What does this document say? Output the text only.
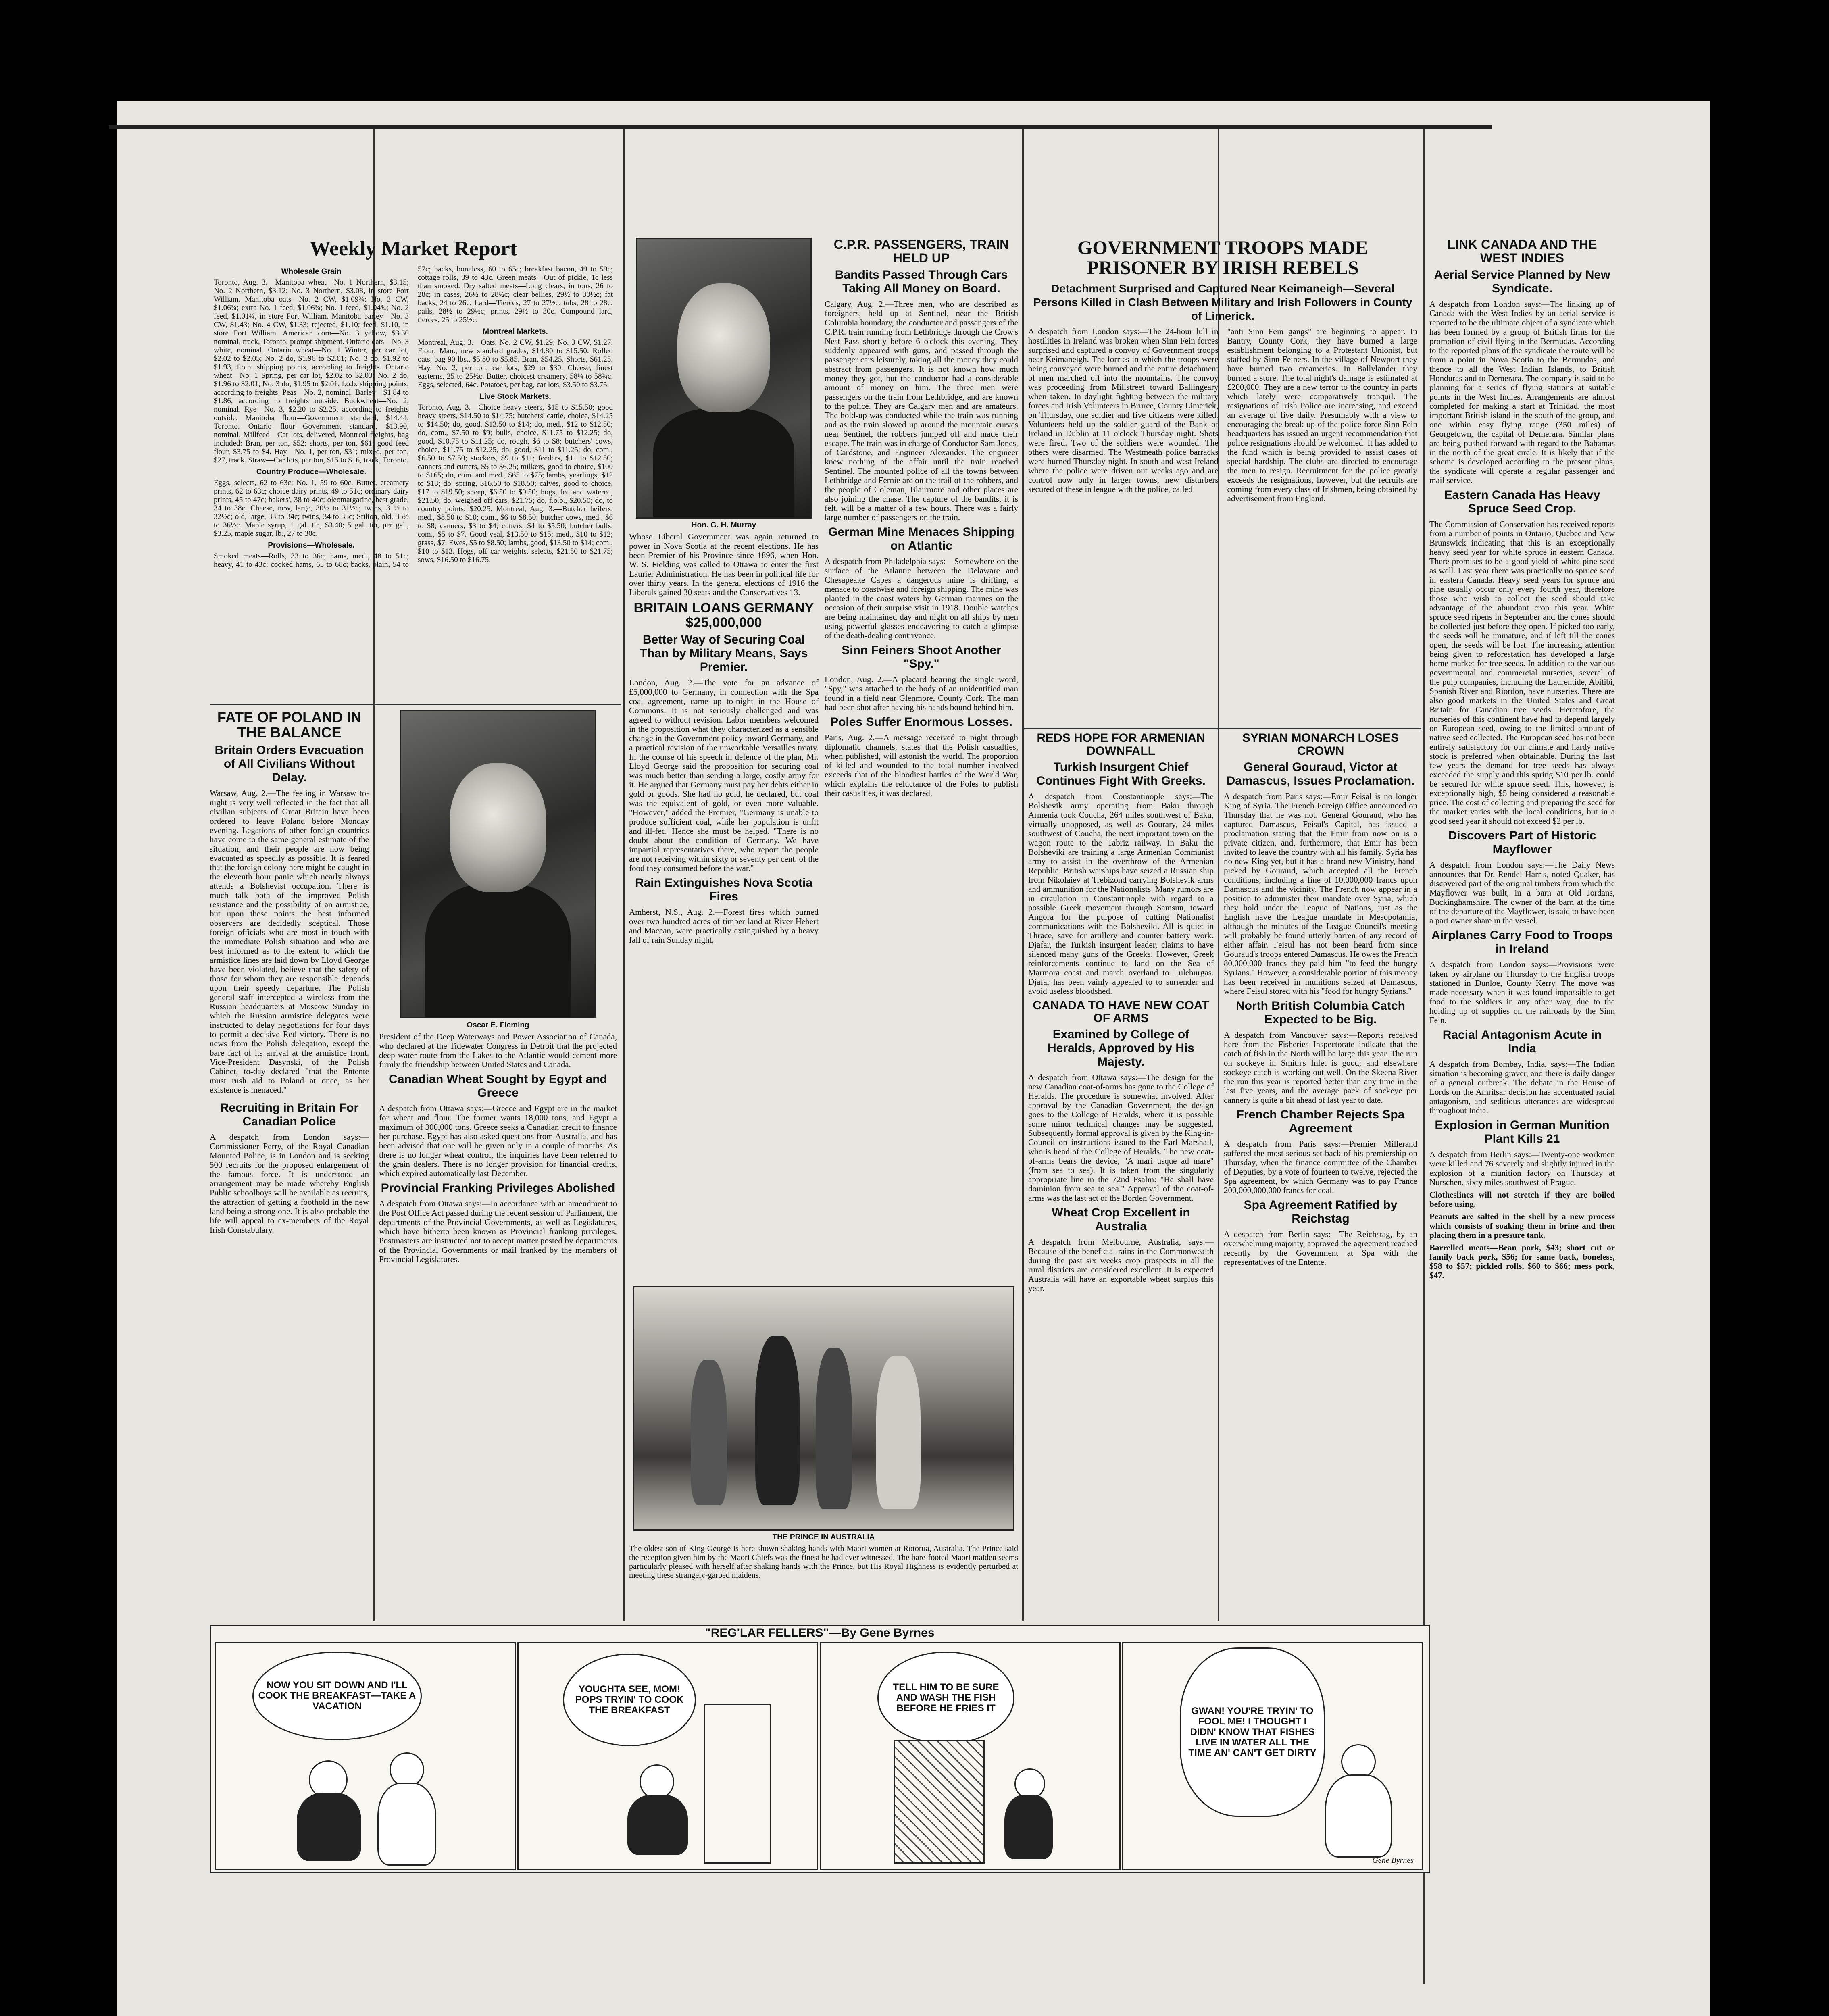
Weekly Market Report
Wholesale Grain

Toronto, Aug. 3.—Manitoba wheat—No. 1 Northern, $3.15; No. 2 Northern, $3.12; No. 3 Northern, $3.08, in store Fort William. Manitoba oats—No. 2 CW, $1.09¾; No. 3 CW, $1.06¾; extra No. 1 feed, $1.06¾; No. 1 feed, $1.04¾; No. 2 feed, $1.01¾, in store Fort William. Manitoba barley—No. 3 CW, $1.43; No. 4 CW, $1.33; rejected, $1.10; feed, $1.10, in store Fort William. American corn—No. 3 yellow, $3.30 nominal, track, Toronto, prompt shipment. Ontario oats—No. 3 white, nominal. Ontario wheat—No. 1 Winter, per car lot, $2.02 to $2.05; No. 2 do, $1.96 to $2.01; No. 3 do, $1.92 to $1.93, f.o.b. shipping points, according to freights. Ontario wheat—No. 1 Spring, per car lot, $2.02 to $2.03; No. 2 do, $1.96 to $2.01; No. 3 do, $1.95 to $2.01, f.o.b. shipping points, according to freights. Peas—No. 2, nominal. Barley—$1.84 to $1.86, according to freights outside. Buckwheat—No. 2, nominal. Rye—No. 3, $2.20 to $2.25, according to freights outside. Manitoba flour—Government standard, $14.44, Toronto. Ontario flour—Government standard, $13.90, nominal. Millfeed—Car lots, delivered, Montreal freights, bag included: Bran, per ton, $52; shorts, per ton, $61; good feed flour, $3.75 to $4. Hay—No. 1, per ton, $31; mixed, per ton, $27, track. Straw—Car lots, per ton, $15 to $16, track, Toronto.

Country Produce—Wholesale.

Eggs, selects, 62 to 63c; No. 1, 59 to 60c. Butter, creamery prints, 62 to 63c; choice dairy prints, 49 to 51c; ordinary dairy prints, 45 to 47c; bakers', 38 to 40c; oleomargarine, best grade, 34 to 38c. Cheese, new, large, 30½ to 31½c; twins, 31½ to 32½c; old, large, 33 to 34c; twins, 34 to 35c; Stilton, old, 35½ to 36½c. Maple syrup, 1 gal. tin, $3.40; 5 gal. tin, per gal., $3.25, maple sugar, lb., 27 to 30c.

Provisions—Wholesale.

Smoked meats—Rolls, 33 to 36c; hams, med., 48 to 51c; heavy, 41 to 43c; cooked hams, 65 to 68c; backs, plain, 54 to 57c; backs, boneless, 60 to 65c; breakfast bacon, 49 to 59c; cottage rolls, 39 to 43c. Green meats—Out of pickle, 1c less than smoked. Dry salted meats—Long clears, in tons, 26 to 28c; in cases, 26½ to 28½c; clear bellies, 29½ to 30½c; fat backs, 24 to 26c. Lard—Tierces, 27 to 27½c; tubs, 28 to 28c; pails, 28½ to 29½c; prints, 29½ to 30c. Compound lard, tierces, 25 to 25½c.

Montreal Markets.

Montreal, Aug. 3.—Oats, No. 2 CW, $1.29; No. 3 CW, $1.27. Flour, Man., new standard grades, $14.80 to $15.50. Rolled oats, bag 90 lbs., $5.80 to $5.85. Bran, $54.25. Shorts, $61.25. Hay, No. 2, per ton, car lots, $29 to $30. Cheese, finest easterns, 25 to 25½c. Butter, choicest creamery, 58¼ to 58¾c. Eggs, selected, 64c. Potatoes, per bag, car lots, $3.50 to $3.75.

Live Stock Markets.

Toronto, Aug. 3.—Choice heavy steers, $15 to $15.50; good heavy steers, $14.50 to $14.75; butchers' cattle, choice, $14.25 to $14.50; do, good, $13.50 to $14; do, med., $12 to $12.50; do, com., $7.50 to $9; bulls, choice, $11.75 to $12.25; do, good, $10.75 to $11.25; do, rough, $6 to $8; butchers' cows, choice, $11.75 to $12.25, do, good, $11 to $11.25; do, com., $6.50 to $7.50; stockers, $9 to $11; feeders, $11 to $12.50; canners and cutters, $5 to $6.25; milkers, good to choice, $100 to $165; do, com. and med., $65 to $75; lambs, yearlings, $12 to $13; do, spring, $16.50 to $18.50; calves, good to choice, $17 to $19.50; sheep, $6.50 to $9.50; hogs, fed and watered, $21.50; do, weighed off cars, $21.75; do, f.o.b., $20.50; do, to country points, $20.25. Montreal, Aug. 3.—Butcher heifers, med., $8.50 to $10; com., $6 to $8.50; butcher cows, med., $6 to $8; canners, $3 to $4; cutters, $4 to $5.50; butcher bulls, com., $5 to $7. Good veal, $13.50 to $15; med., $10 to $12; grass, $7. Ewes, $5 to $8.50; lambs, good, $13.50 to $14; com., $10 to $13. Hogs, off car weights, selects, $21.50 to $21.75; sows, $16.50 to $16.75.

FATE OF POLAND IN THE BALANCE
Britain Orders Evacuation of All Civilians Without Delay.

Warsaw, Aug. 2.—The feeling in Warsaw to-night is very well reflected in the fact that all civilian subjects of Great Britain have been ordered to leave Poland before Monday evening. Legations of other foreign countries have come to the same general estimate of the situation, and their people are now being evacuated as speedily as possible. It is feared that the foreign colony here might be caught in the eleventh hour panic which nearly always attends a Bolshevist occupation. There is much talk both of the improved Polish resistance and the possibility of an armistice, but upon these points the best informed observers are decidedly sceptical. Those foreign officials who are most in touch with the immediate Polish situation and who are best informed as to the extent to which the armistice lines are laid down by Lloyd George have been violated, believe that the safety of those for whom they are responsible depends upon their speedy departure. The Polish general staff intercepted a wireless from the Russian headquarters at Moscow Sunday in which the Russian armistice delegates were instructed to delay negotiations for four days to permit a decisive Red victory. There is no news from the Polish delegation, except the bare fact of its arrival at the armistice front. Vice-President Dasynski, of the Polish Cabinet, to-day declared "that the Entente must rush aid to Poland at once, as her existence is menaced."

Recruiting in Britain For Canadian Police

A despatch from London says:—Commissioner Perry, of the Royal Canadian Mounted Police, is in London and is seeking 500 recruits for the proposed enlargement of the famous force. It is understood an arrangement may be made whereby English Public schoolboys will be available as recruits, the attraction of getting a foothold in the new land being a strong one. It is also probable the life will appeal to ex-members of the Royal Irish Constabulary.

Oscar E. Fleming

President of the Deep Waterways and Power Association of Canada, who declared at the Tidewater Congress in Detroit that the projected deep water route from the Lakes to the Atlantic would cement more firmly the friendship between United States and Canada.

Canadian Wheat Sought by Egypt and Greece

A despatch from Ottawa says:—Greece and Egypt are in the market for wheat and flour. The former wants 18,000 tons, and Egypt a maximum of 300,000 tons. Greece seeks a Canadian credit to finance her purchase. Egypt has also asked questions from Australia, and has been advised that one will be given only in a couple of months. As there is no longer wheat control, the inquiries have been referred to the grain dealers. There is no longer provision for financial credits, which expired automatically last December.

Provincial Franking Privileges Abolished

A despatch from Ottawa says:—In accordance with an amendment to the Post Office Act passed during the recent session of Parliament, the departments of the Provincial Governments, as well as Legislatures, which have hitherto been known as Provincial franking privileges. Postmasters are instructed not to accept matter posted by departments of the Provincial Governments or mail franked by the members of Provincial Legislatures.

Hon. G. H. Murray

Whose Liberal Government was again returned to power in Nova Scotia at the recent elections. He has been Premier of his Province since 1896, when Hon. W. S. Fielding was called to Ottawa to enter the first Laurier Administration. He has been in political life for over thirty years. In the general elections of 1916 the Liberals gained 30 seats and the Conservatives 13.

BRITAIN LOANS GERMANY $25,000,000
Better Way of Securing Coal Than by Military Means, Says Premier.

London, Aug. 2.—The vote for an advance of £5,000,000 to Germany, in connection with the Spa coal agreement, came up to-night in the House of Commons. It is not seriously challenged and was agreed to without revision. Labor members welcomed in the proposition what they characterized as a sensible change in the Government policy toward Germany, and a practical revision of the unworkable Versailles treaty. In the course of his speech in defence of the plan, Mr. Lloyd George said the proposition for securing coal was much better than sending a large, costly army for it. He argued that Germany must pay her debts either in gold or goods. She had no gold, he declared, but coal was the equivalent of gold, or even more valuable. "However," added the Premier, "Germany is unable to produce sufficient coal, while her population is unfit and ill-fed. Hence she must be helped. "There is no doubt about the condition of Germany. We have impartial representatives there, who report the people are not receiving within sixty or seventy per cent. of the food they consumed before the war."

Rain Extinguishes Nova Scotia Fires

Amherst, N.S., Aug. 2.—Forest fires which burned over two hundred acres of timber land at River Hebert and Maccan, were practically extinguished by a heavy fall of rain Sunday night.

C.P.R. PASSENGERS, TRAIN HELD UP
Bandits Passed Through Cars Taking All Money on Board.

Calgary, Aug. 2.—Three men, who are described as foreigners, held up at Sentinel, near the British Columbia boundary, the conductor and passengers of the C.P.R. train running from Lethbridge through the Crow's Nest Pass shortly before 6 o'clock this evening. They suddenly appeared with guns, and passed through the passenger cars leisurely, taking all the money they could abstract from passengers. It is not known how much money they got, but the conductor had a considerable amount of money on him. The three men were passengers on the train from Lethbridge, and are known to the police. They are Calgary men and are amateurs. The hold-up was conducted while the train was running and as the train slowed up around the mountain curves near Sentinel, the robbers jumped off and made their escape. The train was in charge of Conductor Sam Jones, of Cardstone, and Engineer Alexander. The engineer knew nothing of the affair until the train reached Sentinel. The mounted police of all the towns between Lethbridge and Fernie are on the trail of the robbers, and the people of Coleman, Blairmore and other places are also joining the chase. The capture of the bandits, it is felt, will be a matter of a few hours. There was a fairly large number of passengers on the train.

German Mine Menaces Shipping on Atlantic

A despatch from Philadelphia says:—Somewhere on the surface of the Atlantic between the Delaware and Chesapeake Capes a dangerous mine is drifting, a menace to coastwise and foreign shipping. The mine was planted in the coast waters by German marines on the occasion of their surprise visit in 1918. Double watches are being maintained day and night on all ships by men using powerful glasses endeavoring to catch a glimpse of the death-dealing contrivance.

Sinn Feiners Shoot Another "Spy."

London, Aug. 2.—A placard bearing the single word, "Spy," was attached to the body of an unidentified man found in a field near Glenmore, County Cork. The man had been shot after having his hands bound behind him.

Poles Suffer Enormous Losses.

Paris, Aug. 2.—A message received to night through diplomatic channels, states that the Polish casualties, when published, will astonish the world. The proportion of killed and wounded to the total number involved exceeds that of the bloodiest battles of the World War, which explains the reluctance of the Poles to publish their casualties, it was declared.

THE PRINCE IN AUSTRALIA

The oldest son of King George is here shown shaking hands with Maori women at Rotorua, Australia. The Prince said the reception given him by the Maori Chiefs was the finest he had ever witnessed. The bare-footed Maori maiden seems particularly pleased with herself after shaking hands with the Prince, but His Royal Highness is evidently perturbed at meeting these strangely-garbed maidens.

GOVERNMENT TROOPS MADE PRISONER BY IRISH REBELS
Detachment Surprised and Captured Near Keimaneigh—Several Persons Killed in Clash Between Military and Irish Followers in County of Limerick.

A despatch from London says:—The 24-hour lull in hostilities in Ireland was broken when Sinn Fein forces surprised and captured a convoy of Government troops near Keimaneigh. The lorries in which the troops were being conveyed were burned and the entire detachment of men marched off into the mountains. The convoy was proceeding from Millstreet toward Ballingeary when taken. In daylight fighting between the military forces and Irish Volunteers in Bruree, County Limerick, on Thursday, one soldier and five citizens were killed. Volunteers held up the soldier guard of the Bank of Ireland in Dublin at 11 o'clock Thursday night. Shots were fired. Two of the soldiers were wounded. The others were disarmed. The Westmeath police barracks were burned Thursday night. In south and west Ireland where the police were driven out weeks ago and are control now only in larger towns, new disturbers secured of these in league with the police, called

"anti Sinn Fein gangs" are beginning to appear. In Bantry, County Cork, they have burned a large establishment belonging to a Protestant Unionist, but staffed by Sinn Feiners. In the village of Newport they have burned two creameries. In Ballylander they burned a store. The total night's damage is estimated at £200,000. They are a new terror to the country in parts which lately were comparatively tranquil. The resignations of Irish Police are increasing, and exceed an average of five daily. Presumably with a view to encouraging the break-up of the police force Sinn Fein headquarters has issued an urgent recommendation that police resignations should be welcomed. It has added to the fund which is being provided to assist cases of special hardship. The clubs are directed to encourage the men to resign. Recruitment for the police greatly exceeds the resignations, however, but the recruits are coming from every class of Irishmen, being obtained by advertisement from England.

REDS HOPE FOR ARMENIAN DOWNFALL
Turkish Insurgent Chief Continues Fight With Greeks.

A despatch from Constantinople says:—The Bolshevik army operating from Baku through Armenia took Coucha, 264 miles southwest of Baku, virtually unopposed, as well as Gourary, 24 miles southwest of Coucha, the next important town on the wagon route to the Tabriz railway. In Baku the Bolsheviki are training a large Armenian Communist army to assist in the overthrow of the Armenian Republic. British warships have seized a Russian ship from Nikolaiev at Trebizond carrying Bolshevik arms and ammunition for the Nationalists. Many rumors are in circulation in Constantinople with regard to a possible Greek movement through Samsun, toward Angora for the purpose of cutting Nationalist communications with the Bolsheviki. All is quiet in Thrace, save for artillery and counter battery work. Djafar, the Turkish insurgent leader, claims to have silenced many guns of the Greeks. However, Greek reinforcements continue to land on the Sea of Marmora coast and march overland to Luleburgas. Djafar has been vainly appealed to to surrender and avoid useless bloodshed.

CANADA TO HAVE NEW COAT OF ARMS
Examined by College of Heralds, Approved by His Majesty.

A despatch from Ottawa says:—The design for the new Canadian coat-of-arms has gone to the College of Heralds. The procedure is somewhat involved. After approval by the Canadian Government, the design goes to the College of Heralds, where it is possible some minor technical changes may be suggested. Subsequently formal approval is given by the King-in-Council on instructions issued to the Earl Marshall, who is head of the College of Heralds. The new coat-of-arms bears the device, "A mari usque ad mare" (from sea to sea). It is taken from the singularly appropriate line in the 72nd Psalm: "He shall have dominion from sea to sea." Approval of the coat-of-arms was the last act of the Borden Government.

Wheat Crop Excellent in Australia

A despatch from Melbourne, Australia, says:—Because of the beneficial rains in the Commonwealth during the past six weeks crop prospects in all the rural districts are considered excellent. It is expected Australia will have an exportable wheat surplus this year.

SYRIAN MONARCH LOSES CROWN
General Gouraud, Victor at Damascus, Issues Proclamation.

A despatch from Paris says:—Emir Feisal is no longer King of Syria. The French Foreign Office announced on Thursday that he was not. General Gouraud, who has captured Damascus, Feisul's Capital, has issued a proclamation stating that the Emir from now on is a private citizen, and, furthermore, that Emir has been invited to leave the country with all his family. Syria has no new King yet, but it has a brand new Ministry, hand-picked by Gouraud, which accepted all the French conditions, including a fine of 10,000,000 francs upon Damascus and the vicinity. The French now appear in a position to administer their mandate over Syria, which they hold under the League of Nations, just as the English have the League mandate in Mesopotamia, although the minutes of the League Council's meeting will probably be found utterly barren of any record of either affair. Feisul has not been heard from since Gouraud's troops entered Damascus. He owes the French 80,000,000 francs they paid him "to feed the hungry Syrians." However, a considerable portion of this money has been received in munitions seized at Damascus, where Feisul stored with his "food for hungry Syrians."

North British Columbia Catch Expected to be Big.

A despatch from Vancouver says:—Reports received here from the Fisheries Inspectorate indicate that the catch of fish in the North will be large this year. The run on sockeye in Smith's Inlet is good; and elsewhere sockeye catch is working out well. On the Skeena River the run this year is reported better than any time in the last five years, and the average pack of sockeye per cannery is quite a bit ahead of last year to date.

French Chamber Rejects Spa Agreement

A despatch from Paris says:—Premier Millerand suffered the most serious set-back of his premiership on Thursday, when the finance committee of the Chamber of Deputies, by a vote of fourteen to twelve, rejected the Spa agreement, by which Germany was to pay France 200,000,000,000 francs for coal.

Spa Agreement Ratified by Reichstag

A despatch from Berlin says:—The Reichstag, by an overwhelming majority, approved the agreement reached recently by the Government at Spa with the representatives of the Entente.

LINK CANADA AND THE WEST INDIES
Aerial Service Planned by New Syndicate.

A despatch from London says:—The linking up of Canada with the West Indies by an aerial service is reported to be the ultimate object of a syndicate which has been formed by a group of British firms for the promotion of civil flying in the Bermudas. According to the reported plans of the syndicate the route will be from a point in Nova Scotia to the Bermudas, and thence to all the West Indian Islands, to British Honduras and to Demerara. The company is said to be planning for a series of flying stations at suitable points in the West Indies. Arrangements are almost completed for making a start at Trinidad, the most important British island in the south of the group, and one within easy flying range (350 miles) of Georgetown, the capital of Demerara. Similar plans are being pushed forward with regard to the Bahamas in the north of the great circle. It is likely that if the scheme is developed according to the present plans, the syndicate will operate a regular passenger and mail service.

Eastern Canada Has Heavy Spruce Seed Crop.

The Commission of Conservation has received reports from a number of points in Ontario, Quebec and New Brunswick indicating that this is an exceptionally heavy seed year for white spruce in eastern Canada. There promises to be a good yield of white pine seed as well. Last year there was practically no spruce seed in eastern Canada. Heavy seed years for spruce and pine usually occur only every fourth year, therefore those who wish to collect the seed should take advantage of the abundant crop this year. White spruce seed ripens in September and the cones should be collected just before they open. If picked too early, the seeds will be immature, and if left till the cones open, the seeds will be lost. The increasing attention being given to reforestation has developed a large home market for tree seeds. In addition to the various governmental and commercial nurseries, several of the pulp companies, including the Laurentide, Abitibi, Spanish River and Riordon, have nurseries. There are also good markets in the United States and Great Britain for Canadian tree seeds. Heretofore, the nurseries of this continent have had to depend largely on European seed, owing to the limited amount of native seed collected. The European seed has not been entirely satisfactory for our climate and hardy native stock is preferred when obtainable. During the last few years the demand for tree seeds has always exceeded the supply and this spring $10 per lb. could be secured for white spruce seed. This, however, is exceptionally high, $5 being considered a reasonable price. The cost of collecting and preparing the seed for the market varies with the local conditions, but in a good seed year it should not exceed $2 per lb.

Discovers Part of Historic Mayflower

A despatch from London says:—The Daily News announces that Dr. Rendel Harris, noted Quaker, has discovered part of the original timbers from which the Mayflower was built, in a barn at Old Jordans, Buckinghamshire. The owner of the barn at the time of the departure of the Mayflower, is said to have been a part owner share in the vessel.

Airplanes Carry Food to Troops in Ireland

A despatch from London says:—Provisions were taken by airplane on Thursday to the English troops stationed in Dunloe, County Kerry. The move was made necessary when it was found impossible to get food to the soldiers in any other way, due to the holding up of supplies on the railroads by the Sinn Fein.

Racial Antagonism Acute in India

A despatch from Bombay, India, says:—The Indian situation is becoming graver, and there is daily danger of a general outbreak. The debate in the House of Lords on the Amritsar decision has accentuated racial antagonism, and seditious utterances are widespread throughout India.

Explosion in German Munition Plant Kills 21

A despatch from Berlin says:—Twenty-one workmen were killed and 76 severely and slightly injured in the explosion of a munition factory on Thursday at Nurschen, sixty miles southwest of Prague.

Clotheslines will not stretch if they are boiled before using.

Peanuts are salted in the shell by a new process which consists of soaking them in brine and then placing them in a pressure tank.

Barrelled meats—Bean pork, $43; short cut or family back pork, $56; for same back, boneless, $58 to $57; pickled rolls, $60 to $66; mess pork, $47.

"REG'LAR FELLERS"—By Gene Byrnes
NOW YOU SIT DOWN AND I'LL COOK THE BREAKFAST—TAKE A VACATION
YOUGHTA SEE, MOM! POPS TRYIN' TO COOK THE BREAKFAST
TELL HIM TO BE SURE AND WASH THE FISH BEFORE HE FRIES IT	GWAN! YOU'RE TRYIN' TO FOOL ME! I THOUGHT I DIDN' KNOW THAT FISHES LIVE IN WATER ALL THE TIME AN' CAN'T GET DIRTY
Gene Byrnes
